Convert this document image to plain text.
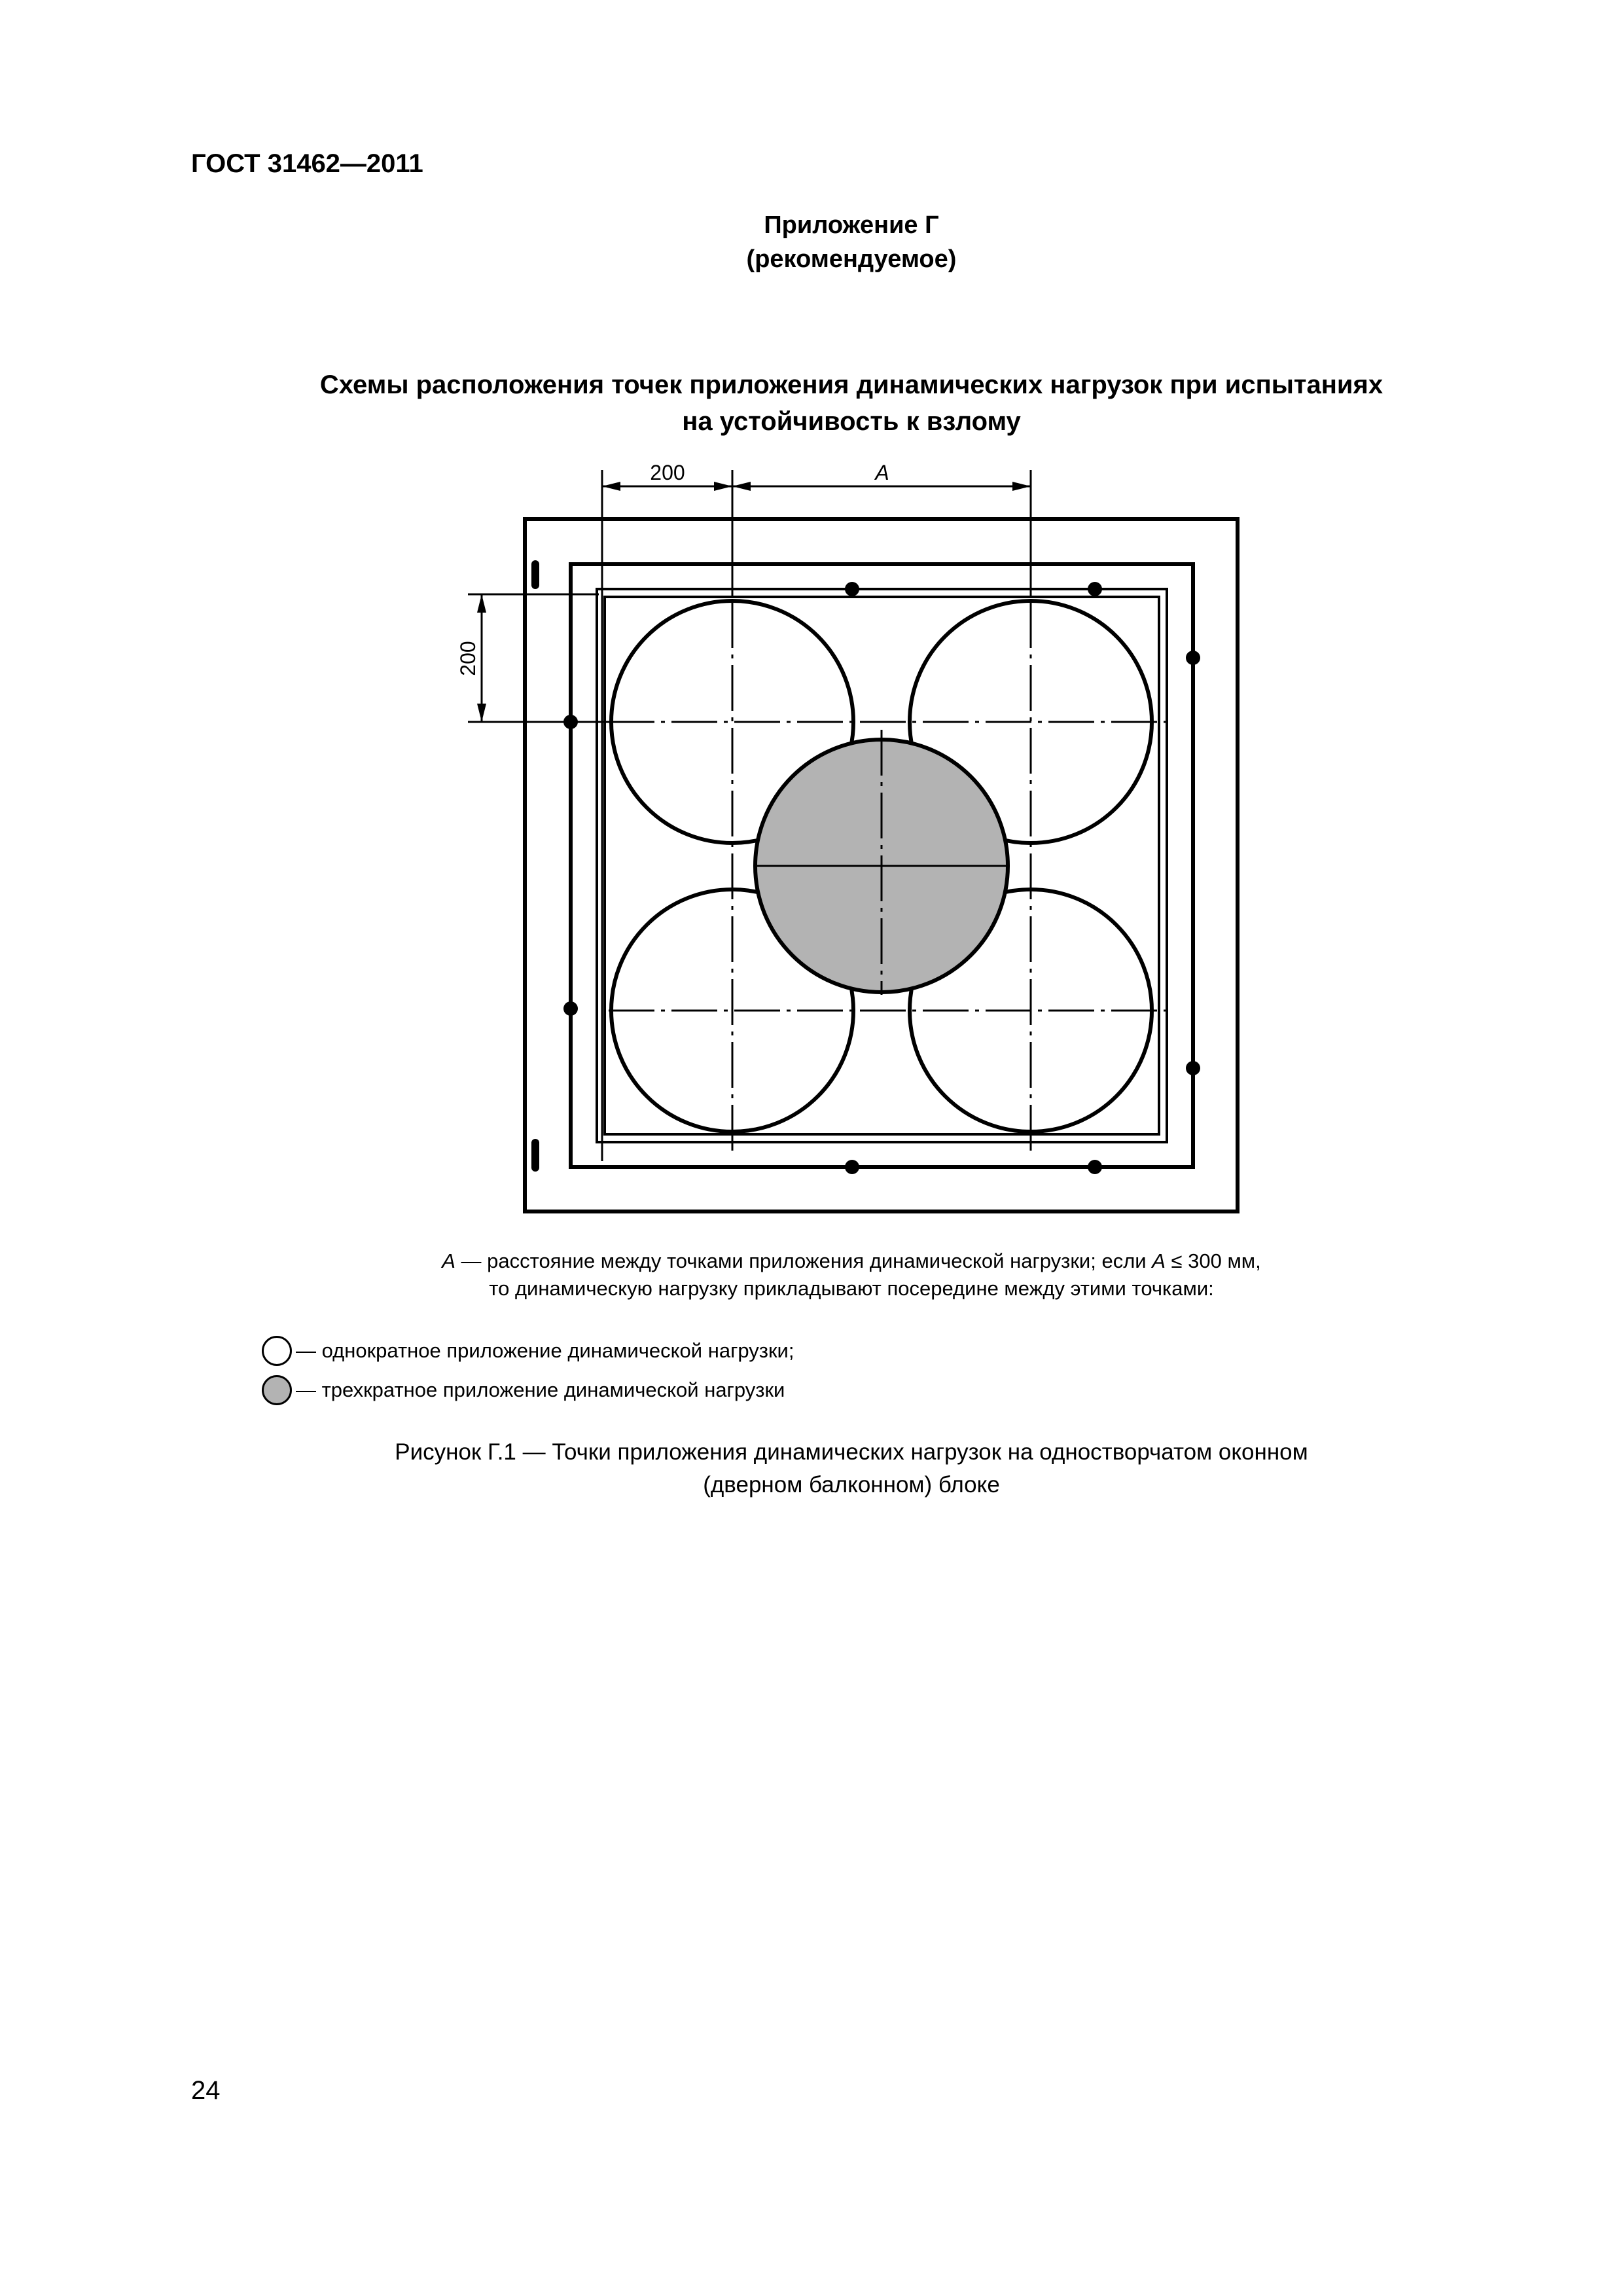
ГОСТ 31462—2011
Приложение Г
(рекомендуемое)
Схемы расположения точек приложения динамических нагрузок при испытаниях
на устойчивость к взлому
200	A
200
A — расстояние между точками приложения динамической нагрузки; если A ≤ 300 мм,
то динамическую нагрузку прикладывают посередине между этими точками:
— однократное приложение динамической нагрузки;
— трехкратное приложение динамической нагрузки
Рисунок Г.1 — Точки приложения динамических нагрузок на одностворчатом оконном
(дверном балконном) блоке
24
